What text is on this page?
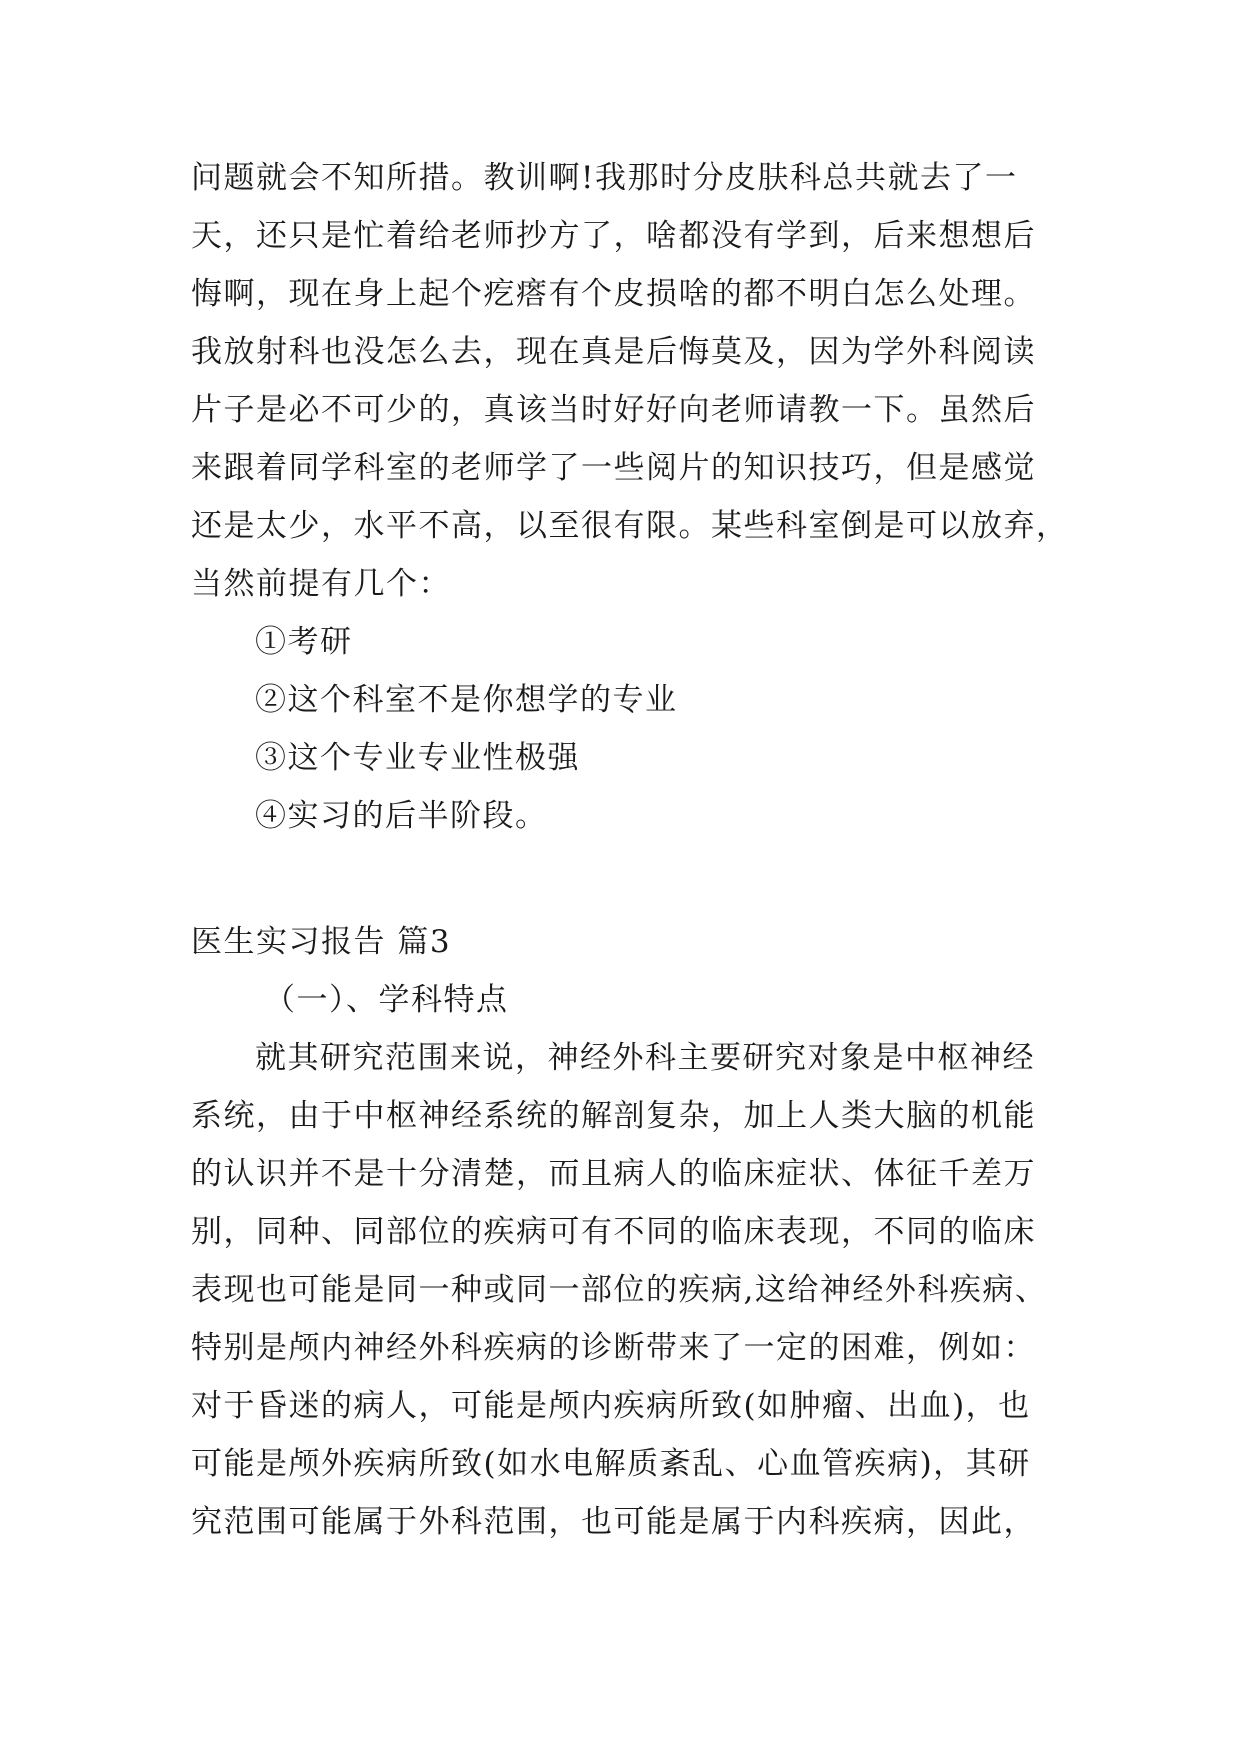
问题就会不知所措。教训啊!我那时分皮肤科总共就去了一
天，还只是忙着给老师抄方了，啥都没有学到，后来想想后
悔啊，现在身上起个疙瘩有个皮损啥的都不明白怎么处理。
我放射科也没怎么去，现在真是后悔莫及，因为学外科阅读
片子是必不可少的，真该当时好好向老师请教一下。虽然后
来跟着同学科室的老师学了一些阅片的知识技巧，但是感觉
还是太少，水平不高，以至很有限。某些科室倒是可以放弃，
当然前提有几个：
①考研
②这个科室不是你想学的专业
③这个专业专业性极强
④实习的后半阶段。
医生实习报告 篇3
（一）、学科特点
就其研究范围来说，神经外科主要研究对象是中枢神经
系统，由于中枢神经系统的解剖复杂，加上人类大脑的机能
的认识并不是十分清楚，而且病人的临床症状、体征千差万
别，同种、同部位的疾病可有不同的临床表现，不同的临床
表现也可能是同一种或同一部位的疾病,这给神经外科疾病、
特别是颅内神经外科疾病的诊断带来了一定的困难，例如：
对于昏迷的病人，可能是颅内疾病所致(如肿瘤、出血)，也
可能是颅外疾病所致(如水电解质紊乱、心血管疾病)，其研
究范围可能属于外科范围，也可能是属于内科疾病，因此，
